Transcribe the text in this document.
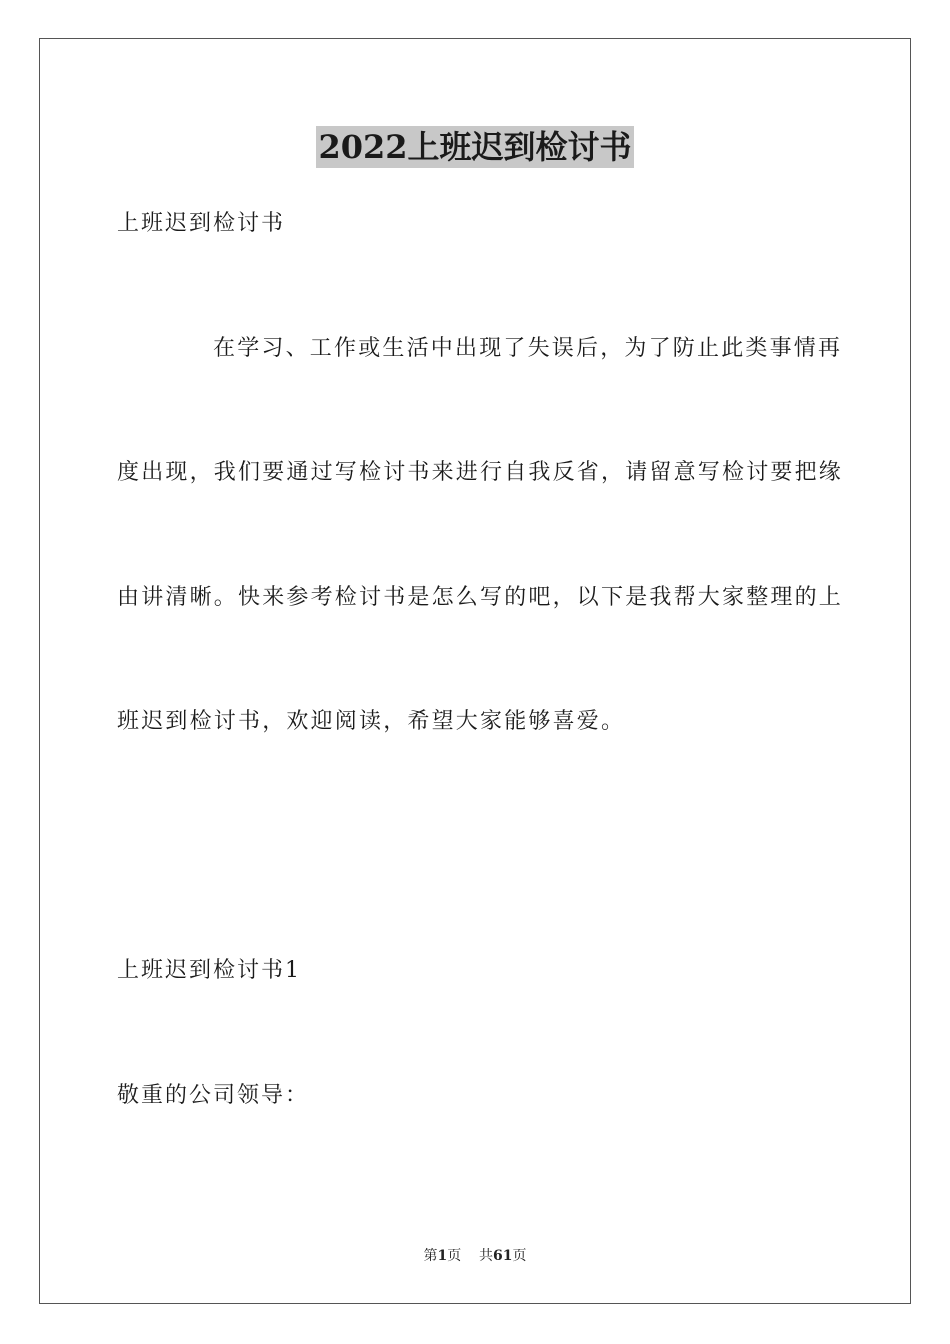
2022上班迟到检讨书
上班迟到检讨书
在学习、工作或生活中出现了失误后，为了防止此类事情再
度出现，我们要通过写检讨书来进行自我反省，请留意写检讨要把缘
由讲清晰。快来参考检讨书是怎么写的吧，以下是我帮大家整理的上
班迟到检讨书，欢迎阅读，希望大家能够喜爱。
上班迟到检讨书1
敬重的公司领导：
第1页 共61页
